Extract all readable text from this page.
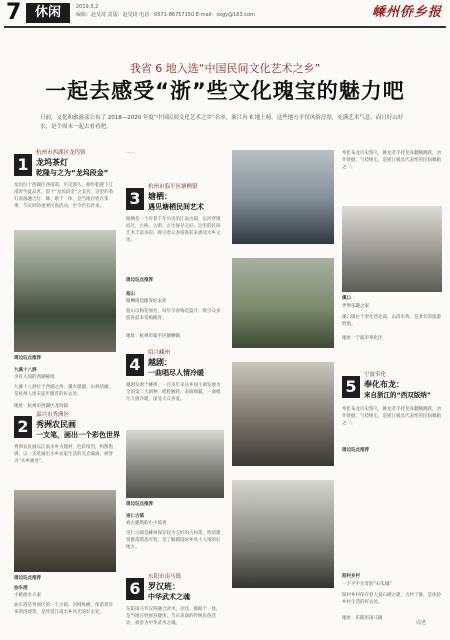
7	休闲	2019.3.2
编辑：赵旻琦 责版：赵旻琦 电话：0571-86757150 E-mail：sxgy@163.com	嵊州侨乡报
我省 6 地入选“中国民间文化艺术之乡”
一起去感受“浙”些文化瑰宝的魅力吧
日前，文化和旅游部公布了 2018—2020 年度“中国民间文化艺术之乡”名单，浙江有 6 地上榜。这些地方不仅风俗淳厚，充满艺术气息，而且好山好水，是个周末一起去看看吧。
1
杭州市西湖区龙坞镇
龙坞茶灯
乾隆与之为“龙坞段金”
龙坞位于西湖区西南部，历史悠久，相传乾隆下江南曾至此品茗，留下“龙坞段金”之美名。这里的茶灯表演融合灯、舞、歌于一体，是当地百姓在茶事、节庆时的重要民俗活动，至今仍有传承。
周边玩点推荐
九溪十八涧
少有人知的西湖秘境
九溪十八涧位于西湖之西，溪水潺潺，山林清幽，是杭州人周末徒步踏青的好去处。
地址：杭州市西湖区龙坞镇
2
嘉兴市秀洲区
秀洲农民画
一支笔，画出一个彩色世界
秀洲农民画以江南水乡为题材，色彩浓烈，构图饱满，以一支笔画出水乡农家生活的点点滴滴，被誉为“水乡画卷”。
周边玩点推荐
油车港
小桥流水人家
油车港是秀洲区的一个古镇，河网纵横，保留着许多明清建筑，是欣赏江南水乡风光的好去处。
……
3
杭州市临平区塘栖镇
塘栖：
遇见塘栖民间艺术
塘栖是一个有着千年历史的江南古镇，运河穿镇而过，古桥、古街、古宅保存完好。这里的民间艺术丰富多彩，吸引着众多游客前来感受水乡文化。
周边玩点推荐
超山
塘栖周边踏青好去处
超山以梅花闻名，每年早春梅花盛开，吸引众多游客前来赏梅踏青。
地址：杭州市临平区塘栖镇
4
绍兴嵊州
越剧：
一曲唱尽人情冷暖
越剧发源于嵊州，一百多年来从乡间小调发展为全国第二大剧种，唱腔婉转，表演细腻，一曲唱尽人情冷暖，深受大众喜爱。
周边玩点推荐
崇仁古镇
看古建筑的小小惊喜
崇仁古镇是嵊州保存较为完好的古村落，明清建筑群落错落有致，是了解越剧故乡风土人情的好地方。
6
东阳市南马镇
罗汉班：
中华武术之魂
东阳南马罗汉班融合武术、杂技、舞蹈于一体，是当地百姓强身健体、节庆表演的传统民俗活动，被誉为中华武术之魂。
奉化布龙历史悠久，舞龙者手持龙身翻腾跳跃，动作矫健，气势恢宏，是浙江极具代表性的民间舞蹈之一。
溪口
世界乐趣之家
溪口镇位于奉化西北部，山清水秀，是著名的旅游胜地。
地址：宁波市奉化区
5
宁波奉化
奉化布龙：
来自浙江的“西双版纳”
奉化布龙历史悠久，舞龙者手持龙身翻腾跳跃，动作矫健，气势恢宏，是浙江极具代表性的民间舞蹈之一。
周边玩点推荐
阳村乡村
一个平平无奇的“石头城”
阳村乡村保存着大量石砌古建，古朴宁静，是体验乡村生活的好去处。
地址：东阳市南马镇
周老
